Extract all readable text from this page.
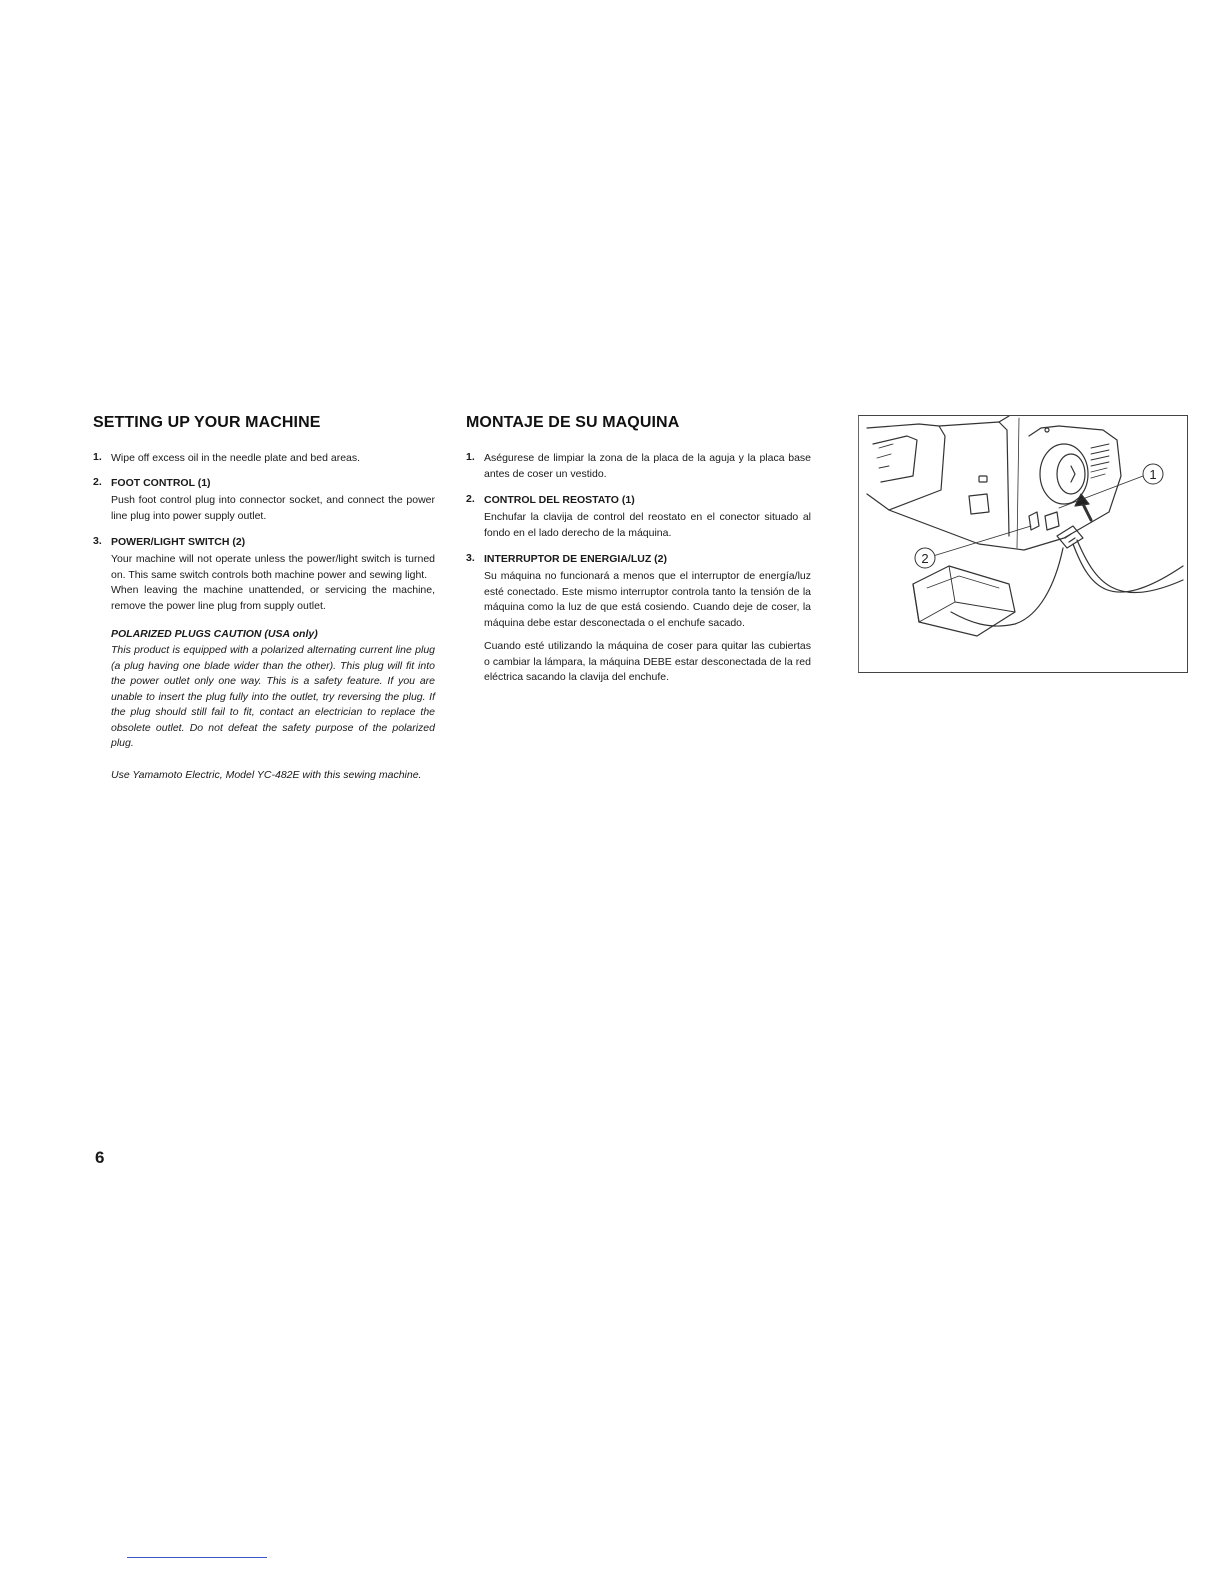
SETTING UP YOUR MACHINE
1. Wipe off excess oil in the needle plate and bed areas.

2. FOOT CONTROL (1)

Push foot control plug into connector socket, and connect the power line plug into power supply outlet.

3. POWER/LIGHT SWITCH (2)

Your machine will not operate unless the power/light switch is turned on. This same switch controls both machine power and sewing light.

When leaving the machine unattended, or servicing the machine, remove the power line plug from supply outlet.

POLARIZED PLUGS CAUTION (USA only)

This product is equipped with a polarized alternating current line plug (a plug having one blade wider than the other). This plug will fit into the power outlet only one way. This is a safety feature. If you are unable to insert the plug fully into the outlet, try reversing the plug. If the plug should still fail to fit, contact an electrician to replace the obsolete outlet. Do not defeat the safety purpose of the polarized plug.

Use Yamamoto Electric, Model YC-482E with this sewing machine.

MONTAJE DE SU MAQUINA
1. Aségurese de limpiar la zona de la placa de la aguja y la placa base antes de coser un vestido.

2. CONTROL DEL REOSTATO (1)

Enchufar la clavija de control del reostato en el conector situado al fondo en el lado derecho de la máquina.

3. INTERRUPTOR DE ENERGIA/LUZ (2)

Su máquina no funcionará a menos que el interruptor de energía/luz esté conectado. Este mismo interruptor controla tanto la tensión de la máquina como la luz de que está cosiendo. Cuando deje de coser, la máquina debe estar desconectada o el enchufe sacado.

Cuando esté utilizando la máquina de coser para quitar las cubiertas o cambiar la lámpara, la máquina DEBE estar desconectada de la red eléctrica sacando la clavija del enchufe.

1
2
6
